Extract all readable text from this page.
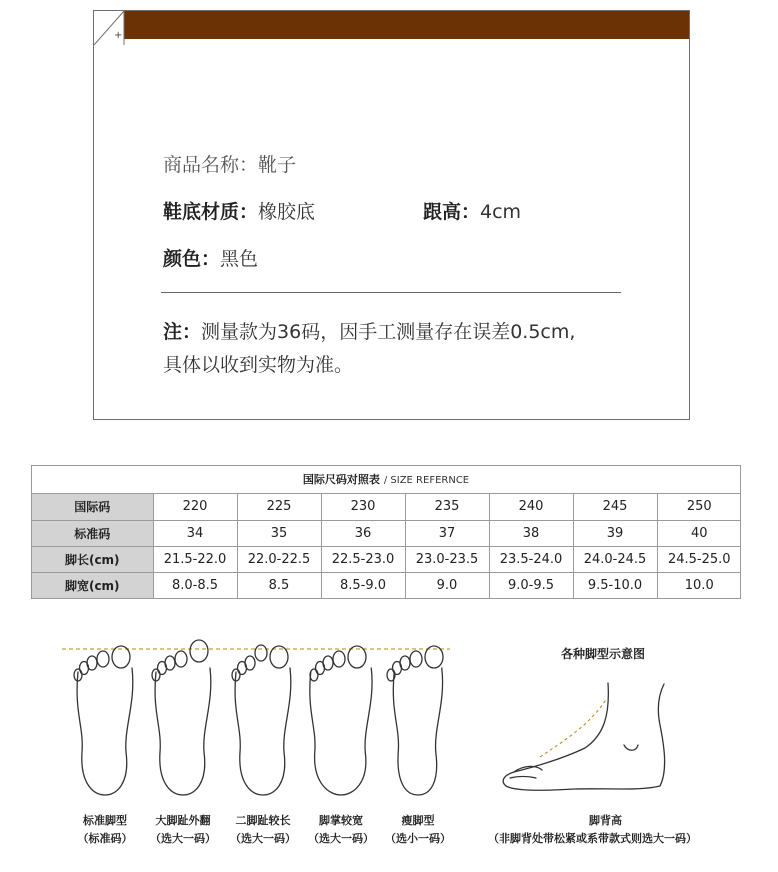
+
商品名称：靴子
鞋底材质：橡胶底	跟高：4cm
颜色：黑色
注：测量款为36码，因手工测量存在误差0.5cm,
具体以收到实物为准。
国际尺码对照表 / SIZE REFERNCE
国际码	220	225	230	235	240	245	250
标准码	34	35	36	37	38	39	40
脚长(cm)	21.5-22.0	22.0-22.5	22.5-23.0	23.0-23.5	23.5-24.0	24.0-24.5	24.5-25.0
脚宽(cm)	8.0-8.5	8.5	8.5-9.0	9.0	9.0-9.5	9.5-10.0	10.0
标准脚型
（标准码）
大脚趾外翻
（选大一码）
二脚趾较长
（选大一码）
脚掌较宽
（选大一码）
瘦脚型
（选小一码）
各种脚型示意图
脚背高
（非脚背处带松紧或系带款式则选大一码）
